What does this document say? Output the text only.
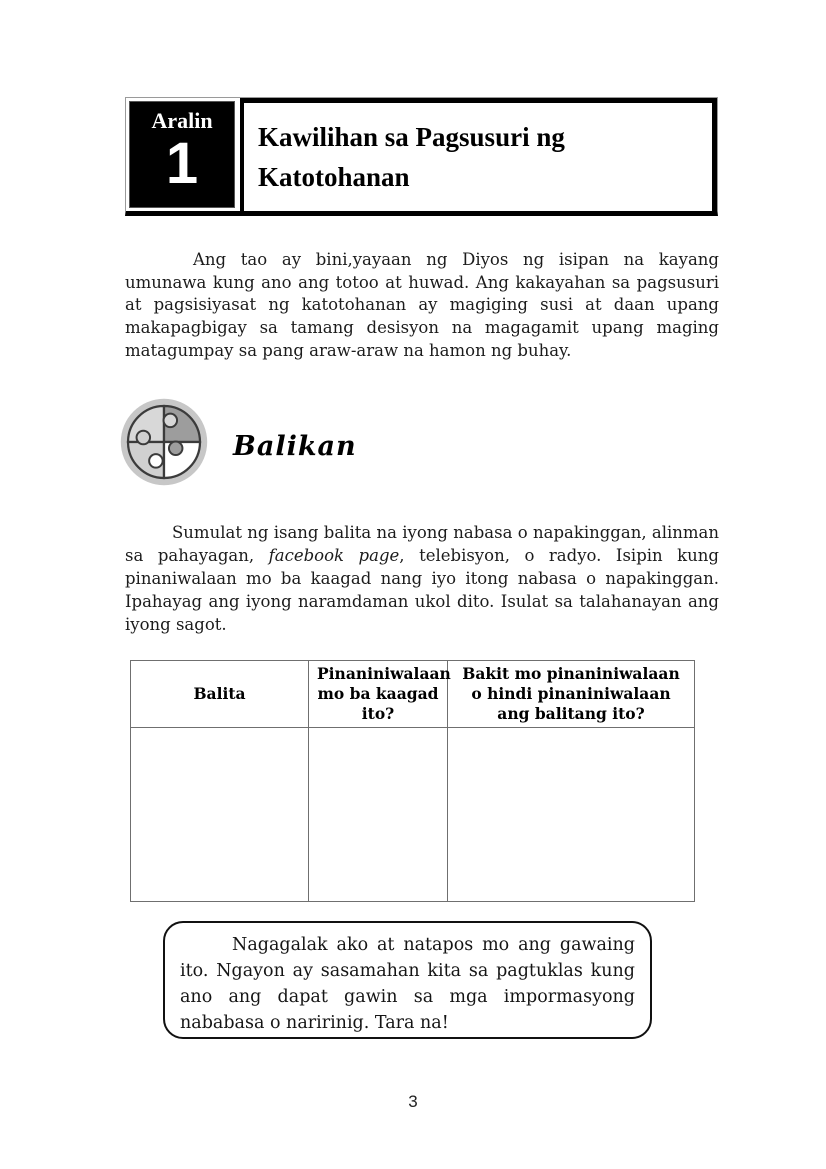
Aralin
1 Kawilihan sa Pagsusuri ng Katotohanan

Ang tao ay bini,yayaan ng Diyos ng isipan na kayang umunawa kung ano ang totoo at huwad. Ang kakayahan sa pagsusuri at pagsisiyasat ng katotohanan ay magiging susi at daan upang makapagbigay sa tamang desisyon na magagamit upang maging matagumpay sa pang araw-araw na hamon ng buhay.

Balikan

Sumulat ng isang balita na iyong nabasa o napakinggan, alinman sa pahayagan, facebook page, telebisyon, o radyo. Isipin kung pinaniwalaan mo ba kaagad nang iyo itong nabasa o napakinggan. Ipahayag ang iyong naramdaman ukol dito. Isulat sa talahanayan ang iyong sagot.

Balita	Pinaniniwalaan mo ba kaagad ito?	Bakit mo pinaniniwalaan o hindi pinaniniwalaan ang balitang ito?

Nagagalak ako at natapos mo ang gawaing ito. Ngayon ay sasamahan kita sa pagtuklas kung ano ang dapat gawin sa mga impormasyong nababasa o naririnig. Tara na!

3
